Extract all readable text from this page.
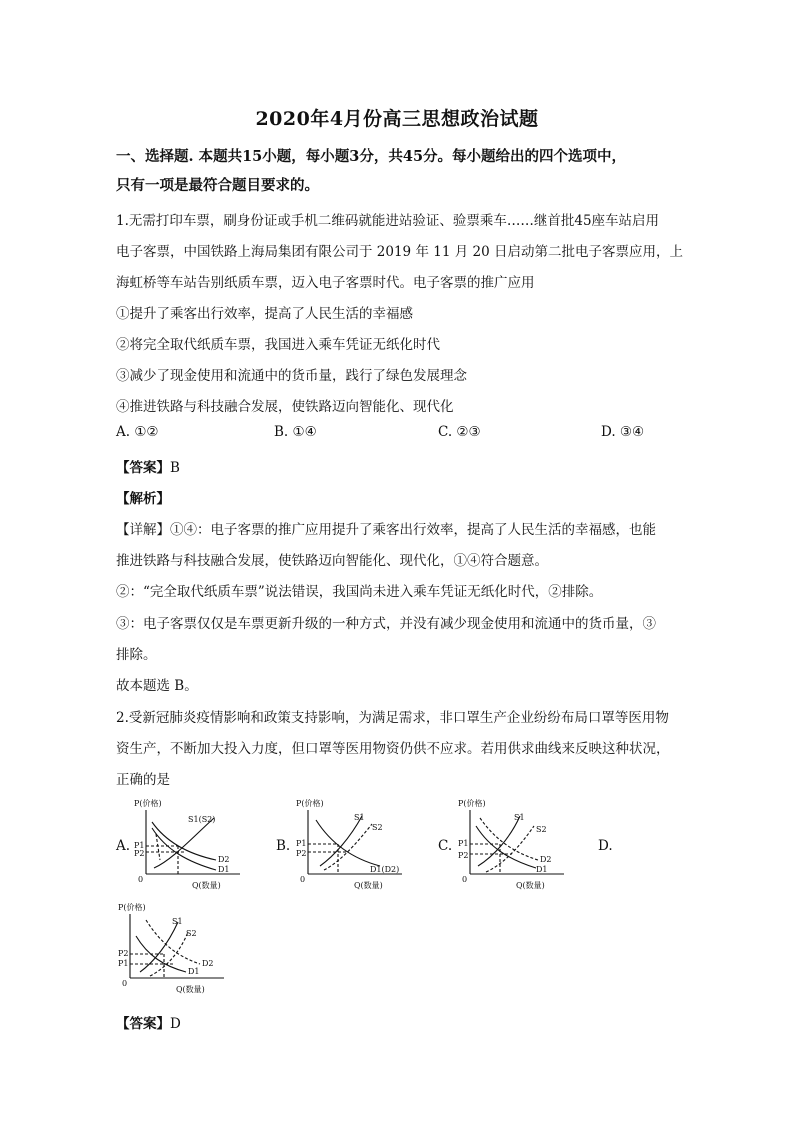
2020年4月份高三思想政治试题
一、选择题. 本题共15小题，每小题3分，共45分。每小题给出的四个选项中，
只有一项是最符合题目要求的。
1.无需打印车票，刷身份证或手机二维码就能进站验证、验票乘车……继首批45座车站启用
电子客票，中国铁路上海局集团有限公司于 2019 年 11 月 20 日启动第二批电子客票应用，上
海虹桥等车站告别纸质车票，迈入电子客票时代。电子客票的推广应用
①提升了乘客出行效率，提高了人民生活的幸福感
②将完全取代纸质车票，我国进入乘车凭证无纸化时代
③减少了现金使用和流通中的货币量，践行了绿色发展理念
④推进铁路与科技融合发展，使铁路迈向智能化、现代化
A. ①②	B. ①④	C. ②③	D. ③④
【答案】B
【解析】
【详解】①④：电子客票的推广应用提升了乘客出行效率，提高了人民生活的幸福感，也能
推进铁路与科技融合发展，使铁路迈向智能化、现代化，①④符合题意。
②：“完全取代纸质车票”说法错误，我国尚未进入乘车凭证无纸化时代，②排除。
③：电子客票仅仅是车票更新升级的一种方式，并没有减少现金使用和流通中的货币量，③
排除。
故本题选 B。
2.受新冠肺炎疫情影响和政策支持影响，为满足需求，非口罩生产企业纷纷布局口罩等医用物
资生产，不断加大投入力度，但口罩等医用物资仍供不应求。若用供求曲线来反映这种状况，
正确的是
A.	B.	C.	D.
P(价格)
Q(数量)
0
P1
P2
S1(S2)
D2
D1
P(价格)
Q(数量)
0
P1
P2
S1
S2
D1(D2)
P(价格)
Q(数量)
0
P1
P2
S1
S2
D2
D1
P(价格)
Q(数量)
0
P2
P1
S1
S2
D2
D1
【答案】D
